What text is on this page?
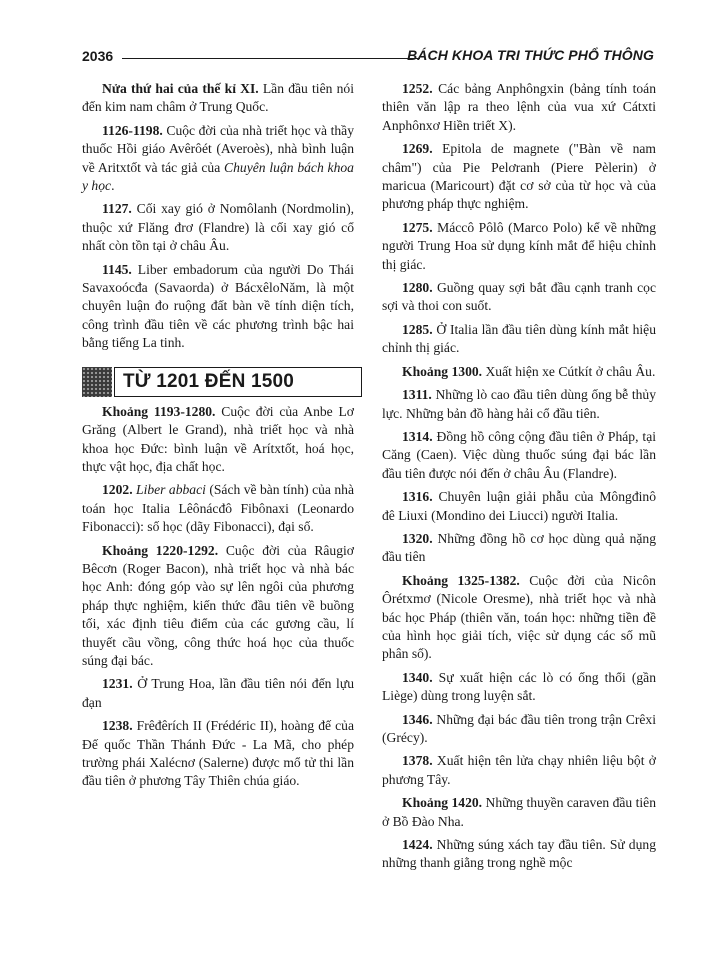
2036	BÁCH KHOA TRI THỨC PHỔ THÔNG

Nửa thứ hai của thế kỉ XI. Lần đầu tiên nói đến kim nam châm ở Trung Quốc.

1126-1198. Cuộc đời của nhà triết học và thầy thuốc Hồi giáo Avêrôét (Averoès), nhà bình luận về Aritxtốt và tác giả của Chuyên luận bách khoa y học.

1127. Cối xay gió ở Nomôlanh (Nordmolin), thuộc xứ Flăng đrơ (Flandre) là cối xay gió cổ nhất còn tồn tại ở châu Âu.

1145. Liber embadorum của người Do Thái Savaxoócđa (Savaorda) ở BácxêloNăm, là một chuyên luận đo ruộng đất bàn về tính diện tích, công trình đầu tiên về các phương trình bậc hai bằng tiếng La tinh.

TỪ 1201 ĐẾN 1500

Khoảng 1193-1280. Cuộc đời của Anbe Lơ Grăng (Albert le Grand), nhà triết học và nhà khoa học Đức: bình luận về Arítxtốt, hoá học, thực vật học, địa chất học.

1202. Liber abbaci (Sách về bàn tính) của nhà toán học Italia Lêônácđô Fibônaxi (Leonardo Fibonacci): số học (dãy Fibonacci), đại số.

Khoảng 1220-1292. Cuộc đời của Râugiơ Bêcơn (Roger Bacon), nhà triết học và nhà bác học Anh: đóng góp vào sự lên ngôi của phương pháp thực nghiệm, kiến thức đầu tiên về buồng tối, xác định tiêu điểm của các gương cầu, lí thuyết cầu vồng, công thức hoá học của thuốc súng đại bác.

1231. Ở Trung Hoa, lần đầu tiên nói đến lựu đạn

1238. Frêđêrích II (Frédéric II), hoàng đế của Đế quốc Thần Thánh Đức - La Mã, cho phép trường phái Xalécnơ (Salerne) được mổ tử thi lần đầu tiên ở phương Tây Thiên chúa giáo.

1252. Các bảng Anphôngxin (bảng tính toán thiên văn lập ra theo lệnh của vua xứ Cátxti Anphônxơ Hiền triết X).

1269. Epitola de magnete ("Bàn về nam châm") của Pie Pelơranh (Piere Pèlerin) ở maricua (Maricourt) đặt cơ sở của từ học và của phương pháp thực nghiệm.

1275. Máccô Pôlô (Marco Polo) kể về những người Trung Hoa sử dụng kính mắt để hiệu chỉnh thị giác.

1280. Guồng quay sợi bắt đầu cạnh tranh cọc sợi và thoi con suốt.

1285. Ở Italia lần đầu tiên dùng kính mắt hiệu chỉnh thị giác.

Khoảng 1300. Xuất hiện xe Cútkít ở châu Âu.

1311. Những lò cao đầu tiên dùng ống bễ thủy lực. Những bản đồ hàng hải cổ đầu tiên.

1314. Đồng hồ công cộng đầu tiên ở Pháp, tại Căng (Caen). Việc dùng thuốc súng đại bác lần đầu tiên được nói đến ở châu Âu (Flandre).

1316. Chuyên luận giải phẫu của Môngđinô đê Liuxi (Mondino dei Liucci) người Italia.

1320. Những đồng hồ cơ học dùng quả nặng đầu tiên

Khoảng 1325-1382. Cuộc đời của Nicôn Ôrétxmơ (Nicole Oresme), nhà triết học và nhà bác học Pháp (thiên văn, toán học: những tiền đề của hình học giải tích, việc sử dụng các số mũ phân số).

1340. Sự xuất hiện các lò có ống thổi (gần Liège) dùng trong luyện sắt.

1346. Những đại bác đầu tiên trong trận Crêxi (Grécy).

1378. Xuất hiện tên lửa chạy nhiên liệu bột ở phương Tây.

Khoảng 1420. Những thuyền caraven đầu tiên ở Bồ Đào Nha.

1424. Những súng xách tay đầu tiên. Sử dụng những thanh giằng trong nghề mộc
